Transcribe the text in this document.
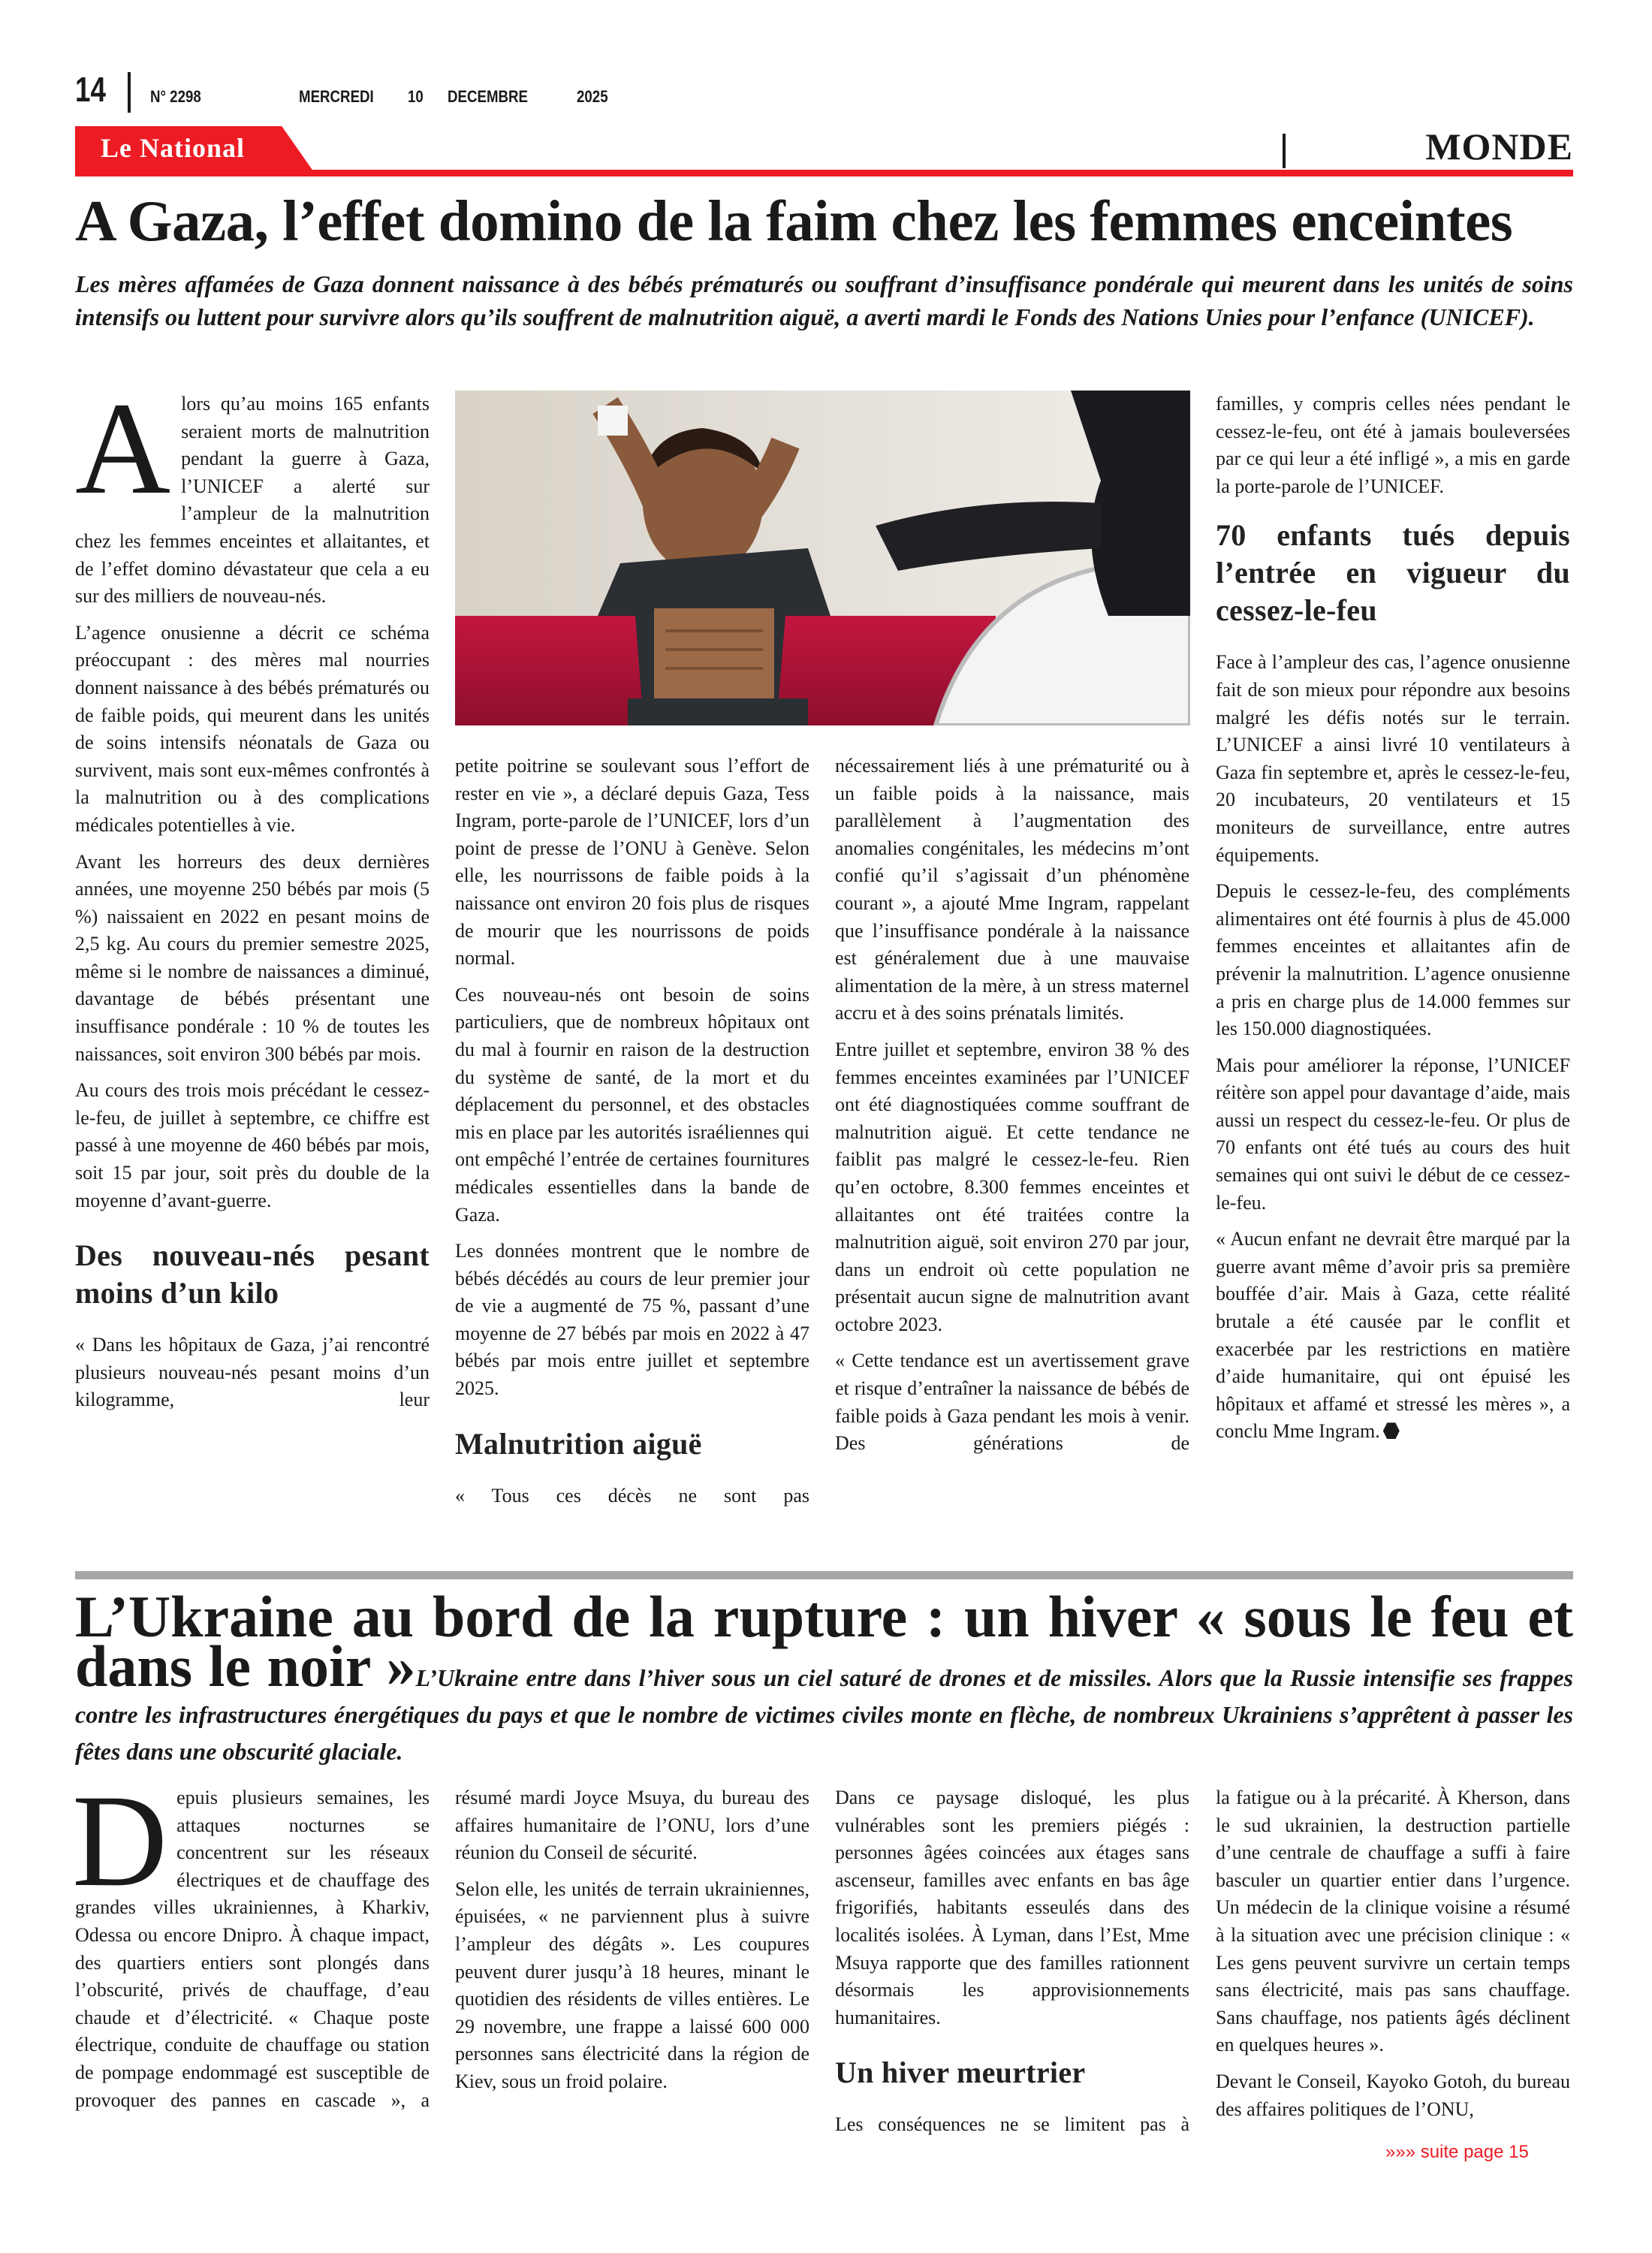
14	N° 2298	MERCREDI 10 DECEMBRE	2025
Le National	MONDE
A Gaza, l’effet domino de la faim chez les femmes enceintes
Les mères affamées de Gaza donnent naissance à des bébés prématurés ou souffrant d’insuffisance pondérale qui meurent dans les unités de soins intensifs ou luttent pour survivre alors qu’ils souffrent de malnutrition aiguë, a averti mardi le Fonds des Nations Unies pour l’enfance (UNICEF).

Alors qu’au moins 165 enfants seraient morts de malnutrition pendant la guerre à Gaza, l’UNICEF a alerté sur l’ampleur de la malnutrition chez les femmes enceintes et allaitantes, et de l’effet domino dévastateur que cela a eu sur des milliers de nouveau-nés.

L’agence onusienne a décrit ce schéma préoccupant : des mères mal nourries donnent naissance à des bébés prématurés ou de faible poids, qui meurent dans les unités de soins intensifs néonatals de Gaza ou survivent, mais sont eux-mêmes confrontés à la malnutrition ou à des complications médicales potentielles à vie.

Avant les horreurs des deux dernières années, une moyenne 250 bébés par mois (5 %) naissaient en 2022 en pesant moins de 2,5 kg. Au cours du premier semestre 2025, même si le nombre de naissances a diminué, davantage de bébés présentant une insuffisance pondérale : 10 % de toutes les naissances, soit environ 300 bébés par mois.

Au cours des trois mois précédant le cessez-le-feu, de juillet à septembre, ce chiffre est passé à une moyenne de 460 bébés par mois, soit 15 par jour, soit près du double de la moyenne d’avant-guerre.

Des nouveau-nés pesant moins d’un kilo

« Dans les hôpitaux de Gaza, j’ai rencontré plusieurs nouveau-nés pesant moins d’un kilogramme, leur

petite poitrine se soulevant sous l’effort de rester en vie », a déclaré depuis Gaza, Tess Ingram, porte-parole de l’UNICEF, lors d’un point de presse de l’ONU à Genève. Selon elle, les nourrissons de faible poids à la naissance ont environ 20 fois plus de risques de mourir que les nourrissons de poids normal.

Ces nouveau-nés ont besoin de soins particuliers, que de nombreux hôpitaux ont du mal à fournir en raison de la destruction du système de santé, de la mort et du déplacement du personnel, et des obstacles mis en place par les autorités israéliennes qui ont empêché l’entrée de certaines fournitures médicales essentielles dans la bande de Gaza.

Les données montrent que le nombre de bébés décédés au cours de leur premier jour de vie a augmenté de 75 %, passant d’une moyenne de 27 bébés par mois en 2022 à 47 bébés par mois entre juillet et septembre 2025.

Malnutrition aiguë

« Tous ces décès ne sont pas

nécessairement liés à une prématurité ou à un faible poids à la naissance, mais parallèlement à l’augmentation des anomalies congénitales, les médecins m’ont confié qu’il s’agissait d’un phénomène courant », a ajouté Mme Ingram, rappelant que l’insuffisance pondérale à la naissance est généralement due à une mauvaise alimentation de la mère, à un stress maternel accru et à des soins prénatals limités.

Entre juillet et septembre, environ 38 % des femmes enceintes examinées par l’UNICEF ont été diagnostiquées comme souffrant de malnutrition aiguë. Et cette tendance ne faiblit pas malgré le cessez-le-feu. Rien qu’en octobre, 8.300 femmes enceintes et allaitantes ont été traitées contre la malnutrition aiguë, soit environ 270 par jour, dans un endroit où cette population ne présentait aucun signe de malnutrition avant octobre 2023.

« Cette tendance est un avertissement grave et risque d’entraîner la naissance de bébés de faible poids à Gaza pendant les mois à venir. Des générations de

familles, y compris celles nées pendant le cessez-le-feu, ont été à jamais bouleversées par ce qui leur a été infligé », a mis en garde la porte-parole de l’UNICEF.

70 enfants tués depuis l’entrée en vigueur du cessez-le-feu

Face à l’ampleur des cas, l’agence onusienne fait de son mieux pour répondre aux besoins malgré les défis notés sur le terrain. L’UNICEF a ainsi livré 10 ventilateurs à Gaza fin septembre et, après le cessez-le-feu, 20 incubateurs, 20 ventilateurs et 15 moniteurs de surveillance, entre autres équipements.

Depuis le cessez-le-feu, des compléments alimentaires ont été fournis à plus de 45.000 femmes enceintes et allaitantes afin de prévenir la malnutrition. L’agence onusienne a pris en charge plus de 14.000 femmes sur les 150.000 diagnostiquées.

Mais pour améliorer la réponse, l’UNICEF réitère son appel pour davantage d’aide, mais aussi un respect du cessez-le-feu. Or plus de 70 enfants ont été tués au cours des huit semaines qui ont suivi le début de ce cessez-le-feu.

« Aucun enfant ne devrait être marqué par la guerre avant même d’avoir pris sa première bouffée d’air. Mais à Gaza, cette réalité brutale a été causée par le conflit et exacerbée par les restrictions en matière d’aide humanitaire, qui ont épuisé les hôpitaux et affamé et stressé les mères », a conclu Mme Ingram.

L’Ukraine au bord de la rupture : un hiver « sous le feu et
dans le noir »L’Ukraine entre dans l’hiver sous un ciel saturé de drones et de missiles. Alors que la Russie intensifie ses frappes contre les infrastructures énergétiques du pays et que le nombre de victimes civiles monte en flèche, de nombreux Ukrainiens s’apprêtent à passer les fêtes dans une obscurité glaciale.

Depuis plusieurs semaines, les attaques nocturnes se concentrent sur les réseaux électriques et de chauffage des grandes villes ukrainiennes, à Kharkiv, Odessa ou encore Dnipro. À chaque impact, des quartiers entiers sont plongés dans l’obscurité, privés de chauffage, d’eau chaude et d’électricité. « Chaque poste électrique, conduite de chauffage ou station de pompage endommagé est susceptible de provoquer des pannes en cascade », a

résumé mardi Joyce Msuya, du bureau des affaires humanitaire de l’ONU, lors d’une réunion du Conseil de sécurité.

Selon elle, les unités de terrain ukrainiennes, épuisées, « ne parviennent plus à suivre l’ampleur des dégâts ». Les coupures peuvent durer jusqu’à 18 heures, minant le quotidien des résidents de villes entières. Le 29 novembre, une frappe a laissé 600 000 personnes sans électricité dans la région de Kiev, sous un froid polaire.

Dans ce paysage disloqué, les plus vulnérables sont les premiers piégés : personnes âgées coincées aux étages sans ascenseur, familles avec enfants en bas âge frigorifiés, habitants esseulés dans des localités isolées. À Lyman, dans l’Est, Mme Msuya rapporte que des familles rationnent désormais les approvisionnements humanitaires.

Un hiver meurtrier

Les conséquences ne se limitent pas à

la fatigue ou à la précarité. À Kherson, dans le sud ukrainien, la destruction partielle d’une centrale de chauffage a suffi à faire basculer un quartier entier dans l’urgence. Un médecin de la clinique voisine a résumé à la situation avec une précision clinique : « Les gens peuvent survivre un certain temps sans électricité, mais pas sans chauffage. Sans chauffage, nos patients âgés déclinent en quelques heures ».

Devant le Conseil, Kayoko Gotoh, du bureau des affaires politiques de l’ONU,

»»» suite page 15
